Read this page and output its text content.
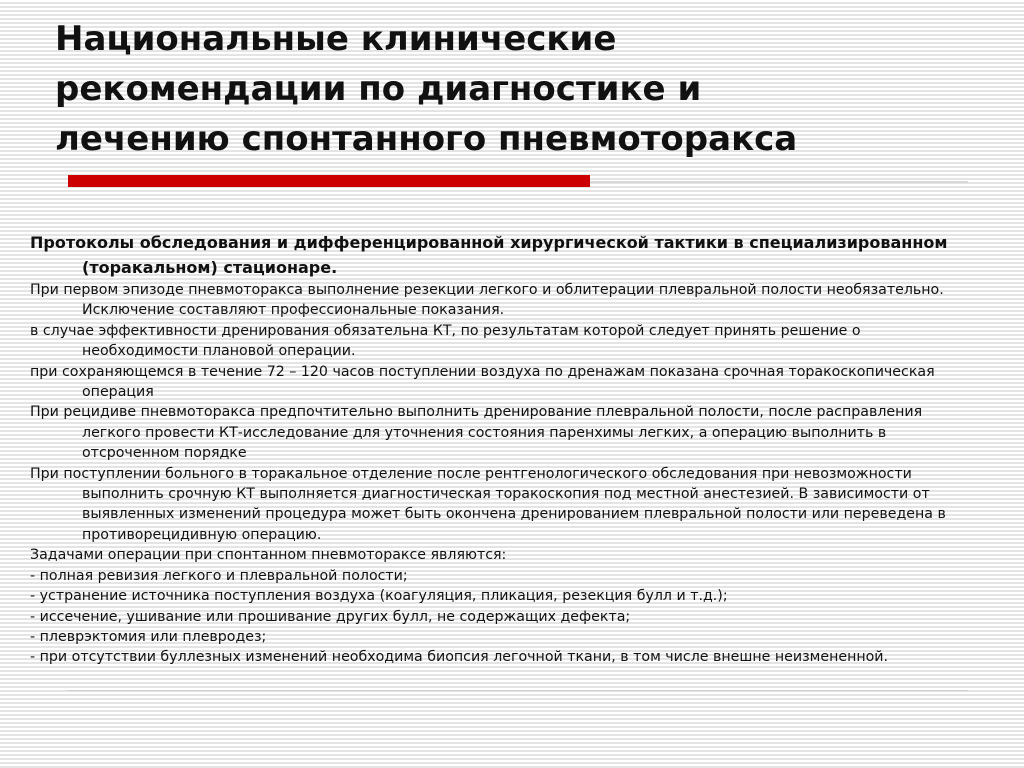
Национальные клинические
рекомендации по диагностике и
лечению спонтанного пневмоторакса

Протоколы обследования и дифференцированной хирургической тактики в специализированном (торакальном) стационаре.

При первом эпизоде пневмоторакса выполнение резекции легкого и облитерации плевральной полости необязательно. Исключение составляют профессиональные показания.

в случае эффективности дренирования обязательна КТ, по результатам которой следует принять решение о необходимости плановой операции.

при сохраняющемся в течение 72 – 120 часов поступлении воздуха по дренажам показана срочная торакоскопическая операция

При рецидиве пневмоторакса предпочтительно выполнить дренирование плевральной полости, после расправления легкого провести КТ-исследование для уточнения состояния паренхимы легких, а операцию выполнить в отсроченном порядке

При поступлении больного в торакальное отделение после рентгенологического обследования при невозможности выполнить срочную КТ выполняется диагностическая торакоскопия под местной анестезией. В зависимости от выявленных изменений процедура может быть окончена дренированием плевральной полости или переведена в противорецидивную операцию.

Задачами операции при спонтанном пневмотораксе являются:

- полная ревизия легкого и плевральной полости;

- устранение источника поступления воздуха (коагуляция, пликация, резекция булл и т.д.);

- иссечение, ушивание или прошивание других булл, не содержащих дефекта;

- плеврэктомия или плевродез;

- при отсутствии буллезных изменений необходима биопсия легочной ткани, в том числе внешне неизмененной.
